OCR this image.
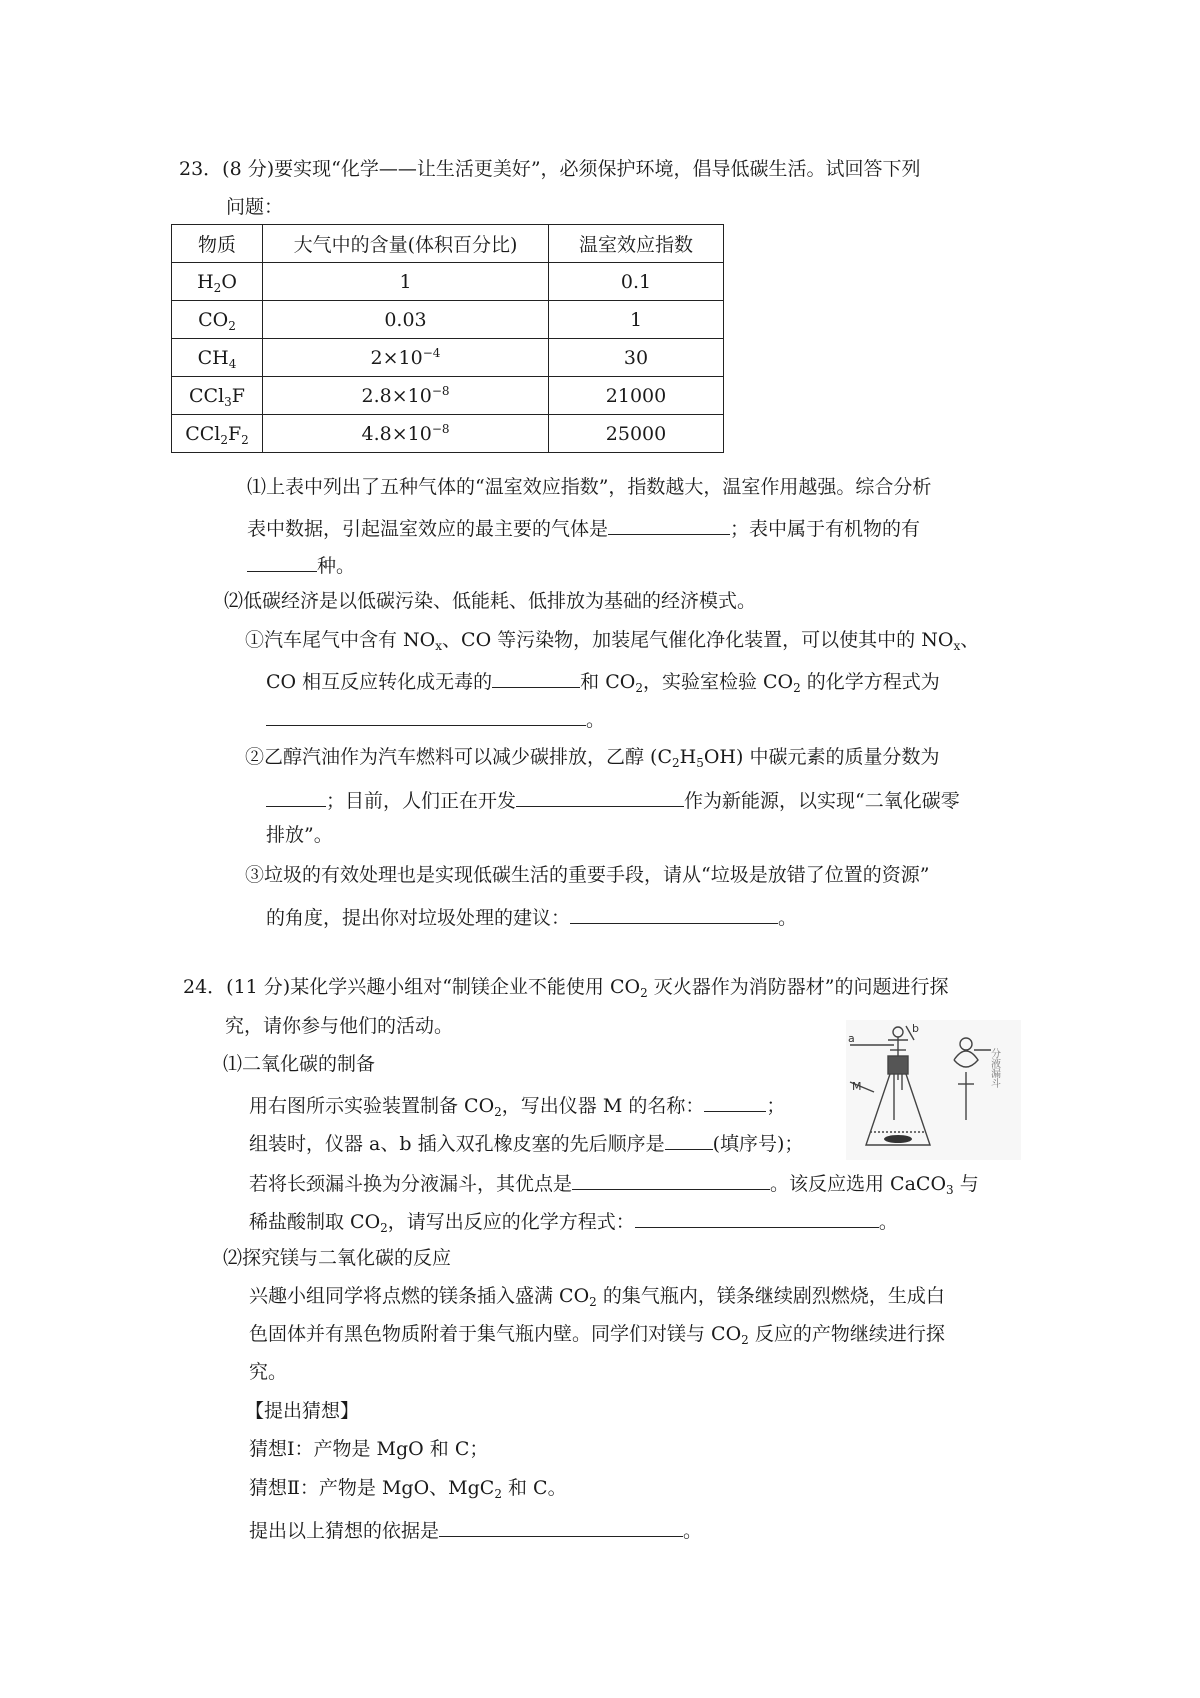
23．(8 分)要实现“化学——让生活更美好”，必须保护环境，倡导低碳生活。试回答下列
问题：
物质	大气中的含量(体积百分比)	温室效应指数
$H_2O$	1	0.1
$CO_2$	0.03	1
$CH_4$	$2\times 10^{-4}$	30
CCl$_3$F	$2.8\times 10^{-8}$	21000
$CCl_2F_2$	$4.8\times 10^{-8}$	25000
⑴上表中列出了五种气体的“温室效应指数”，指数越大，温室作用越强。综合分析
表中数据，引起温室效应的最主要的气体是	；表中属于有机物的有
种。
⑵低碳经济是以低碳污染、低能耗、低排放为基础的经济模式。
①汽车尾气中含有 $NO_x$、CO 等污染物，加装尾气催化净化装置，可以使其中的 $NO_x$、
CO 相互反应转化成无毒的	和 $CO_2$，实验室检验 $CO_2$ 的化学方程式为
。
②乙醇汽油作为汽车燃料可以减少碳排放，乙醇 $(C_2H_5OH)$ 中碳元素的质量分数为
；目前，人们正在开发	作为新能源，以实现“二氧化碳零
排放”。
③垃圾的有效处理也是实现低碳生活的重要手段，请从“垃圾是放错了位置的资源”
的角度，提出你对垃圾处理的建议：	。
24．(11 分)某化学兴趣小组对“制镁企业不能使用 $CO_2$ 灭火器作为消防器材”的问题进行探
究，请你参与他们的活动。
⑴二氧化碳的制备
用右图所示实验装置制备 $CO_2$，写出仪器 M 的名称：	；
组装时，仪器 a、b 插入双孔橡皮塞的先后顺序是	(填序号)；
若将长颈漏斗换为分液漏斗，其优点是	。该反应选用 CaCO$_3$ 与
稀盐酸制取 $CO_2$，请写出反应的化学方程式：	。
a
b
M	分液漏斗
⑵探究镁与二氧化碳的反应
兴趣小组同学将点燃的镁条插入盛满 $CO_2$ 的集气瓶内，镁条继续剧烈燃烧，生成白
色固体并有黑色物质附着于集气瓶内壁。同学们对镁与 $CO_2$ 反应的产物继续进行探
究。
【提出猜想】
猜想Ⅰ：产物是 MgO 和 C；
猜想Ⅱ：产物是 MgO、MgC$_2$ 和 C。
提出以上猜想的依据是	。
